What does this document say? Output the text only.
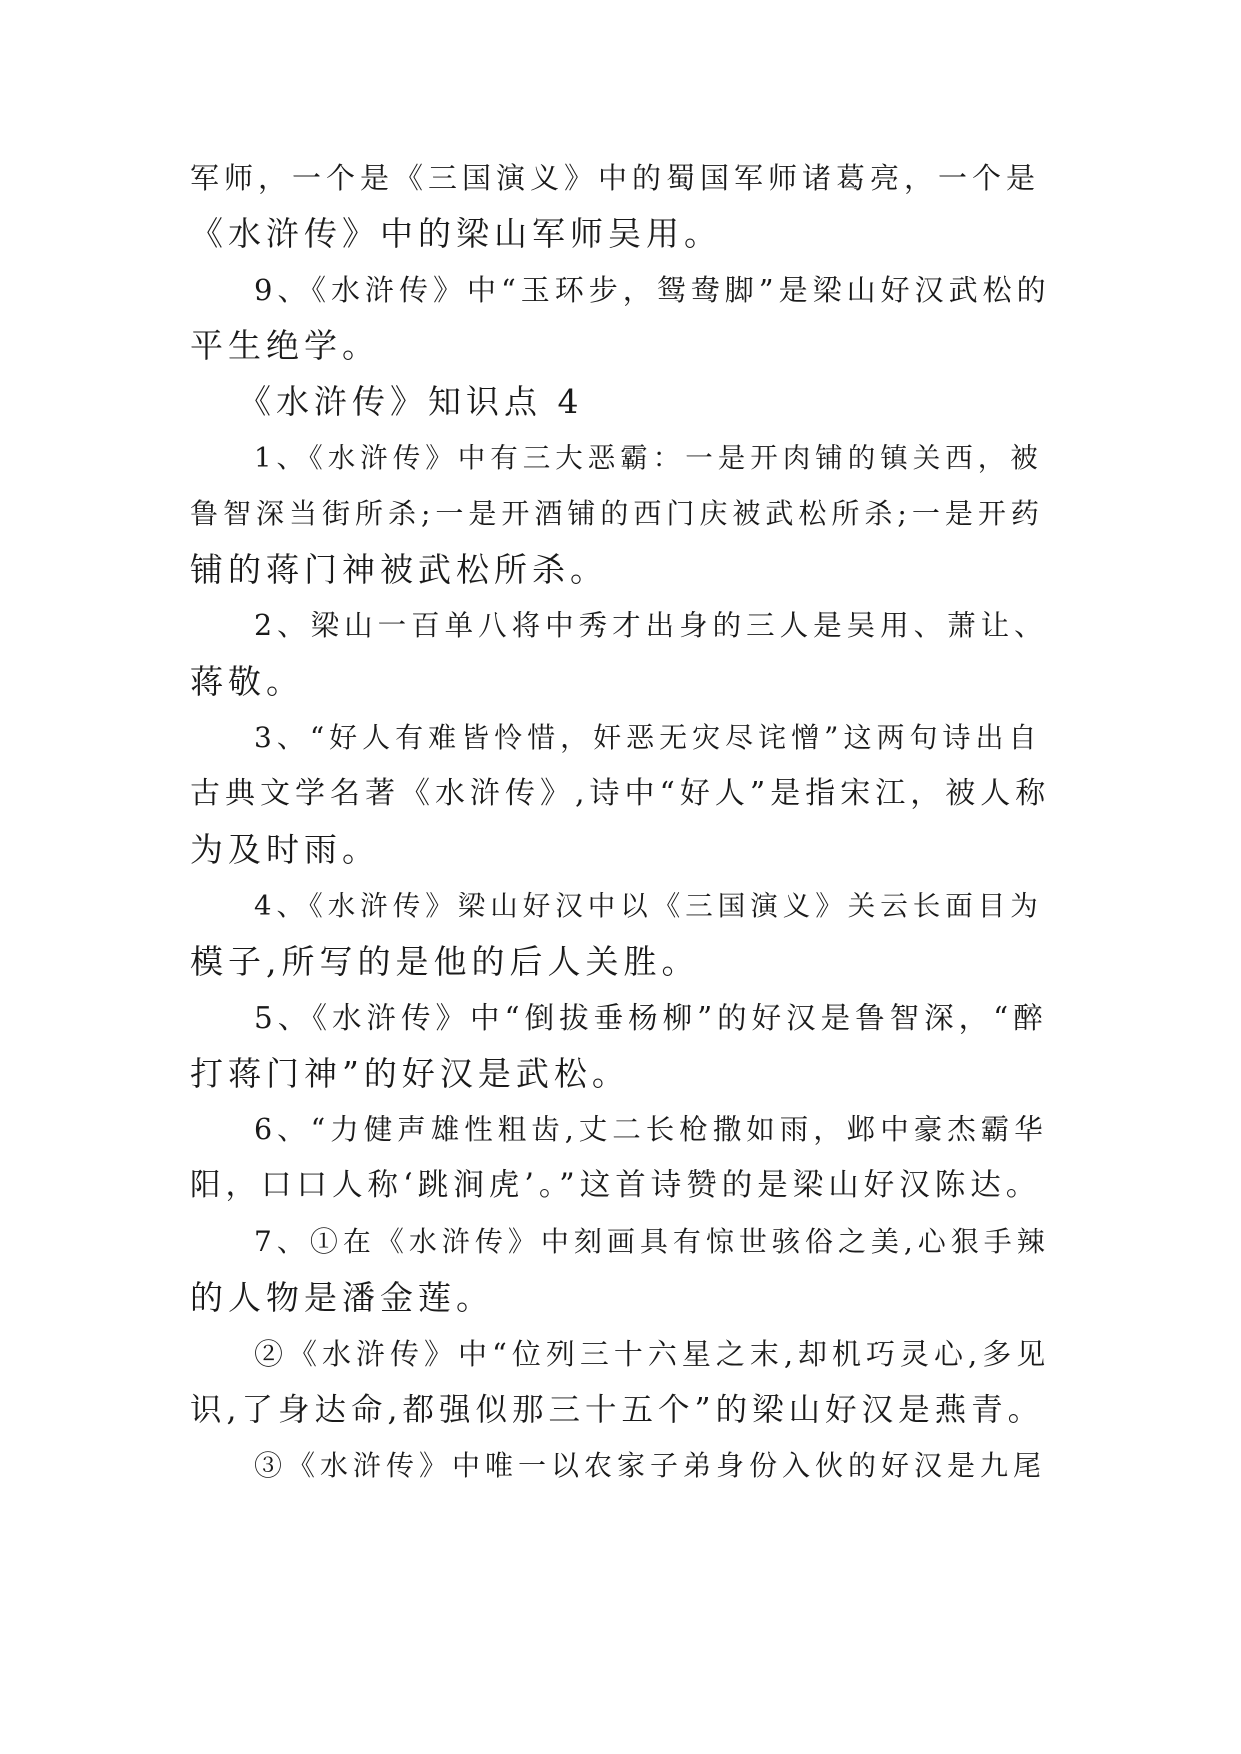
军师，一个是《三国演义》中的蜀国军师诸葛亮，一个是
《水浒传》中的梁山军师吴用。
9、《水浒传》中“玉环步，鸳鸯脚”是梁山好汉武松的
平生绝学。
《水浒传》知识点 4
1、《水浒传》中有三大恶霸：一是开肉铺的镇关西，被
鲁智深当街所杀;一是开酒铺的西门庆被武松所杀;一是开药
铺的蒋门神被武松所杀。
2、梁山一百单八将中秀才出身的三人是吴用、萧让、
蒋敬。
3、“好人有难皆怜惜，奸恶无灾尽诧憎”这两句诗出自
古典文学名著《水浒传》,诗中“好人”是指宋江，被人称
为及时雨。
4、《水浒传》梁山好汉中以《三国演义》关云长面目为
模子,所写的是他的后人关胜。
5、《水浒传》中“倒拔垂杨柳”的好汉是鲁智深，“醉
打蒋门神”的好汉是武松。
6、“力健声雄性粗齿,丈二长枪撒如雨，邺中豪杰霸华
阳，口口人称‘跳涧虎’。”这首诗赞的是梁山好汉陈达。
7、①在《水浒传》中刻画具有惊世骇俗之美,心狠手辣
的人物是潘金莲。
②《水浒传》中“位列三十六星之末,却机巧灵心,多见
识,了身达命,都强似那三十五个”的梁山好汉是燕青。
③《水浒传》中唯一以农家子弟身份入伙的好汉是九尾
